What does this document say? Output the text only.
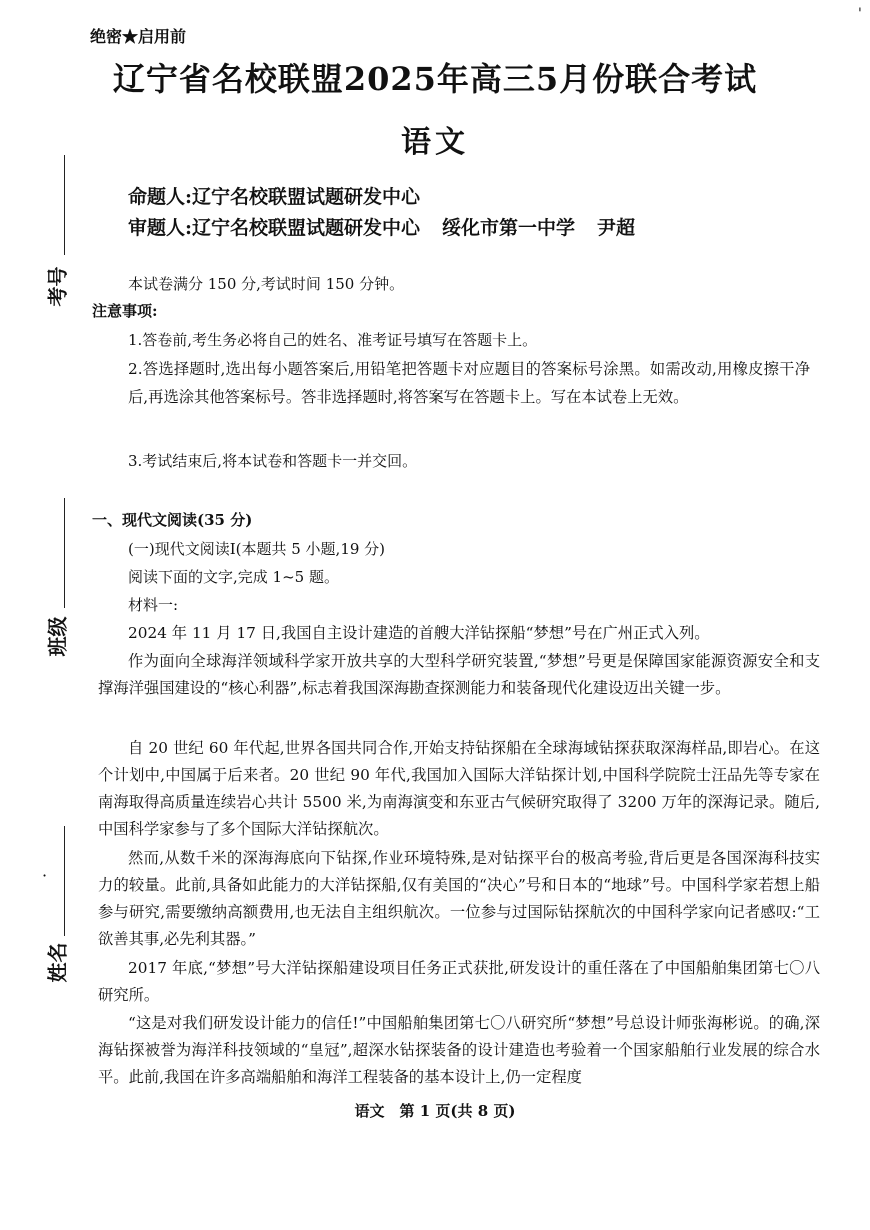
绝密★启用前
'
辽宁省名校联盟2025年高三5月份联合考试
语文
命题人:辽宁名校联盟试题研发中心
审题人:辽宁名校联盟试题研发中心 绥化市第一中学 尹超
考号
班级
·
姓名
本试卷满分 150 分,考试时间 150 分钟。
注意事项:
1.答卷前,考生务必将自己的姓名、准考证号填写在答题卡上。
2.答选择题时,选出每小题答案后,用铅笔把答题卡对应题目的答案标号涂黑。如需改动,用橡皮擦干净后,再选涂其他答案标号。答非选择题时,将答案写在答题卡上。写在本试卷上无效。
3.考试结束后,将本试卷和答题卡一并交回。
一、现代文阅读(35 分)
(一)现代文阅读Ⅰ(本题共 5 小题,19 分)
阅读下面的文字,完成 1~5 题。
材料一:
2024 年 11 月 17 日,我国自主设计建造的首艘大洋钻探船“梦想”号在广州正式入列。
作为面向全球海洋领域科学家开放共享的大型科学研究装置,“梦想”号更是保障国家能源资源安全和支撑海洋强国建设的“核心利器”,标志着我国深海勘查探测能力和装备现代化建设迈出关键一步。
自 20 世纪 60 年代起,世界各国共同合作,开始支持钻探船在全球海域钻探获取深海样品,即岩心。在这个计划中,中国属于后来者。20 世纪 90 年代,我国加入国际大洋钻探计划,中国科学院院士汪品先等专家在南海取得高质量连续岩心共计 5500 米,为南海演变和东亚古气候研究取得了 3200 万年的深海记录。随后,中国科学家参与了多个国际大洋钻探航次。
然而,从数千米的深海海底向下钻探,作业环境特殊,是对钻探平台的极高考验,背后更是各国深海科技实力的较量。此前,具备如此能力的大洋钻探船,仅有美国的“决心”号和日本的“地球”号。中国科学家若想上船参与研究,需要缴纳高额费用,也无法自主组织航次。一位参与过国际钻探航次的中国科学家向记者感叹:“工欲善其事,必先利其器。”
2017 年底,“梦想”号大洋钻探船建设项目任务正式获批,研发设计的重任落在了中国船舶集团第七〇八研究所。
“这是对我们研发设计能力的信任!”中国船舶集团第七〇八研究所“梦想”号总设计师张海彬说。的确,深海钻探被誉为海洋科技领域的“皇冠”,超深水钻探装备的设计建造也考验着一个国家船舶行业发展的综合水平。此前,我国在许多高端船舶和海洋工程装备的基本设计上,仍一定程度
语文　第 1 页(共 8 页)
